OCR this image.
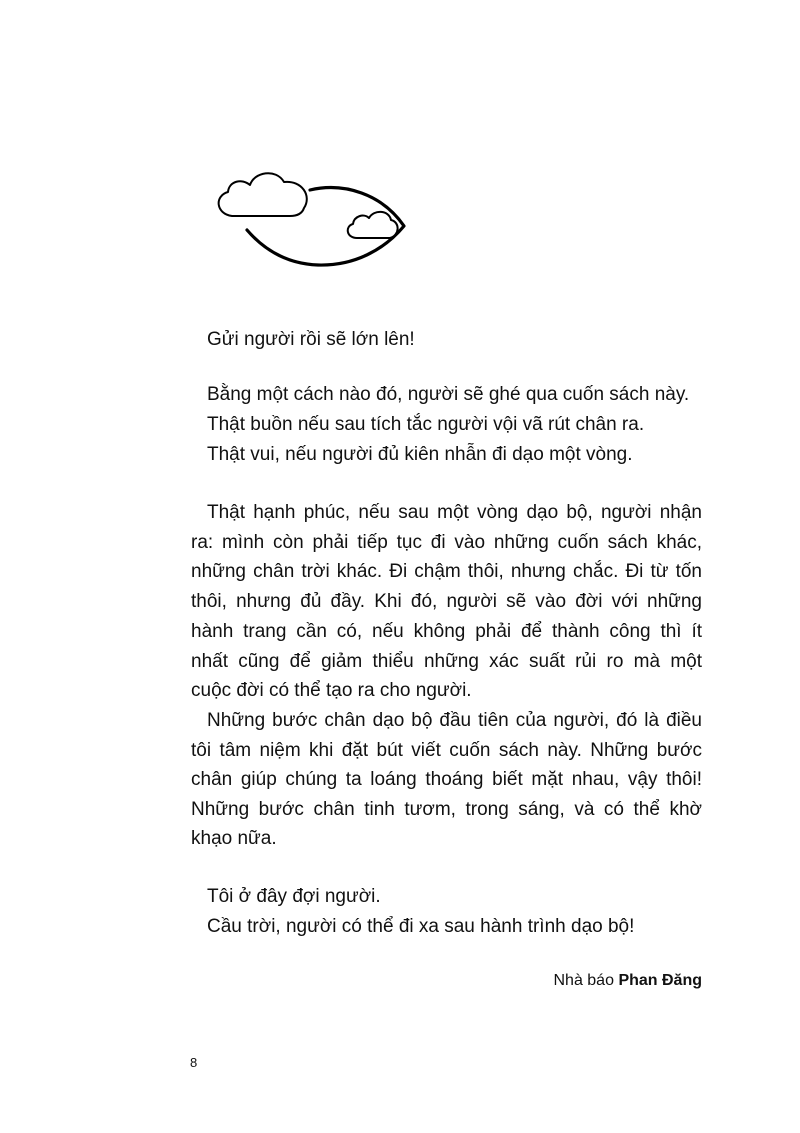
Gửi người rồi sẽ lớn lên!
Bằng một cách nào đó, người sẽ ghé qua cuốn sách này.
Thật buồn nếu sau tích tắc người vội vã rút chân ra.
Thật vui, nếu người đủ kiên nhẫn đi dạo một vòng.
Thật hạnh phúc, nếu sau một vòng dạo bộ, người nhận
ra: mình còn phải tiếp tục đi vào những cuốn sách khác,
những chân trời khác. Đi chậm thôi, nhưng chắc. Đi từ tốn
thôi, nhưng đủ đầy. Khi đó, người sẽ vào đời với những
hành trang cần có, nếu không phải để thành công thì ít
nhất cũng để giảm thiểu những xác suất rủi ro mà một
cuộc đời có thể tạo ra cho người.
Những bước chân dạo bộ đầu tiên của người, đó là điều
tôi tâm niệm khi đặt bút viết cuốn sách này. Những bước
chân giúp chúng ta loáng thoáng biết mặt nhau, vậy thôi!
Những bước chân tinh tươm, trong sáng, và có thể khờ
khạo nữa.
Tôi ở đây đợi người.
Cầu trời, người có thể đi xa sau hành trình dạo bộ!
Nhà báo Phan Đăng
8
